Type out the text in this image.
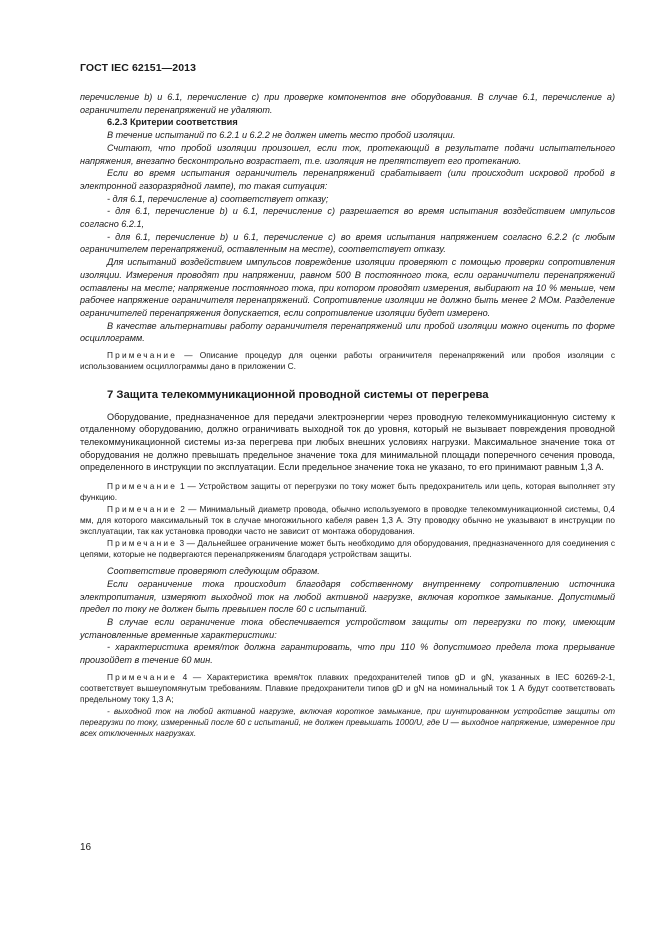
ГОСТ IEC 62151—2013

перечисление b) и 6.1, перечисление с) при проверке компонентов вне оборудования. В случае 6.1, перечисление а) ограничители перенапряжений не удаляют.

6.2.3 Критерии соответствия

В течение испытаний по 6.2.1 и 6.2.2 не должен иметь место пробой изоляции.

Считают, что пробой изоляции произошел, если ток, протекающий в результате подачи испытательного напряжения, внезапно бесконтрольно возрастает, т.е. изоляция не препятствует его протеканию.

Если во время испытания ограничитель перенапряжений срабатывает (или происходит искровой пробой в электронной газоразрядной лампе), то такая ситуация:

- для 6.1, перечисление а) соответствует отказу;

- для 6.1, перечисление b) и 6.1, перечисление с) разрешается во время испытания воздействием импульсов согласно 6.2.1,

- для 6.1, перечисление b) и 6.1, перечисление с) во время испытания напряжением согласно 6.2.2 (с любым ограничителем перенапряжений, оставленным на месте), соответствует отказу.

Для испытаний воздействием импульсов повреждение изоляции проверяют с помощью проверки сопротивления изоляции. Измерения проводят при напряжении, равном 500 В постоянного тока, если ограничители перенапряжений оставлены на месте; напряжение постоянного тока, при котором проводят измерения, выбирают на 10 % меньше, чем рабочее напряжение ограничителя перенапряжений. Сопротивление изоляции не должно быть менее 2 МОм. Разделение ограничителей перенапряжения допускается, если сопротивление изоляции будет измерено.

В качестве альтернативы работу ограничителя перенапряжений или пробой изоляции можно оценить по форме осциллограмм.

Примечание — Описание процедур для оценки работы ограничителя перенапряжений или пробоя изоляции с использованием осциллограммы дано в приложении С.

7 Защита телекоммуникационной проводной системы от перегрева

Оборудование, предназначенное для передачи электроэнергии через проводную телекоммуникационную систему к отдаленному оборудованию, должно ограничивать выходной ток до уровня, который не вызывает повреждения проводной телекоммуникационной системы из-за перегрева при любых внешних условиях нагрузки. Максимальное значение тока от оборудования не должно превышать предельное значение тока для минимальной площади поперечного сечения провода, определенного в инструкции по эксплуатации. Если предельное значение тока не указано, то его принимают равным 1,3 А.

Примечание 1 — Устройством защиты от перегрузки по току может быть предохранитель или цепь, которая выполняет эту функцию.

Примечание 2 — Минимальный диаметр провода, обычно используемого в проводке телекоммуникационной системы, 0,4 мм, для которого максимальный ток в случае многожильного кабеля равен 1,3 А. Эту проводку обычно не указывают в инструкции по эксплуатации, так как установка проводки часто не зависит от монтажа оборудования.

Примечание 3 — Дальнейшее ограничение может быть необходимо для оборудования, предназначенного для соединения с цепями, которые не подвергаются перенапряжениям благодаря устройствам защиты.

Соответствие проверяют следующим образом.

Если ограничение тока происходит благодаря собственному внутреннему сопротивлению источника электропитания, измеряют выходной ток на любой активной нагрузке, включая короткое замыкание. Допустимый предел по току не должен быть превышен после 60 с испытаний.

В случае если ограничение тока обеспечивается устройством защиты от перегрузки по току, имеющим установленные временные характеристики:

- характеристика время/ток должна гарантировать, что при 110 % допустимого предела тока прерывание произойдет в течение 60 мин.

Примечание 4 — Характеристика время/ток плавких предохранителей типов gD и gN, указанных в IEC 60269-2-1, соответствует вышеупомянутым требованиям. Плавкие предохранители типов gD и gN на номинальный ток 1 А будут соответствовать предельному току 1,3 А;

- выходной ток на любой активной нагрузке, включая короткое замыкание, при шунтированном устройстве защиты от перегрузки по току, измеренный после 60 с испытаний, не должен превышать 1000/U, где U — выходное напряжение, измеренное при всех отключенных нагрузках.

16
